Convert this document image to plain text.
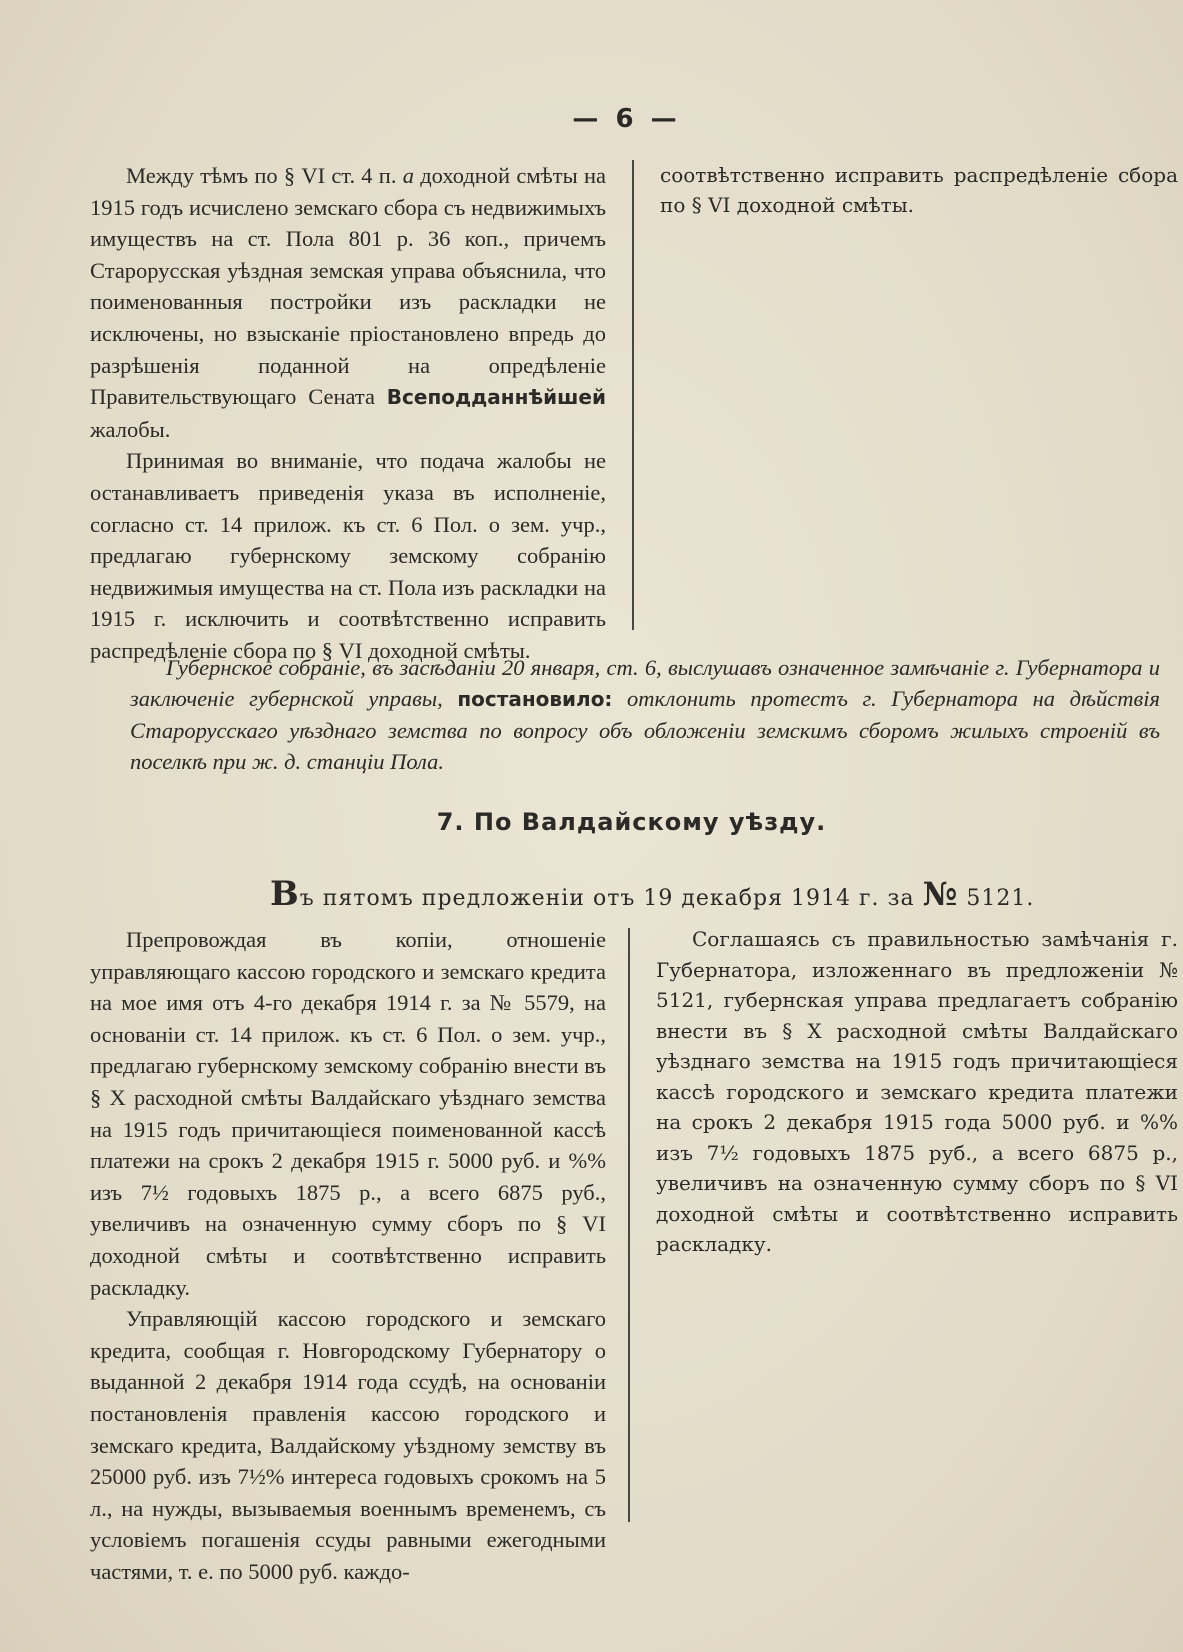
— 6 —

Между тѣмъ по § VI ст. 4 п. а доходной смѣты на 1915 годъ исчислено земскаго сбора съ недвижимыхъ имуществъ на ст. Пола 801 р. 36 коп., причемъ Старорусская уѣздная земская управа объяснила, что поименованныя постройки изъ раскладки не исключены, но взысканіе пріостановлено впредь до разрѣшенія поданной на опредѣленіе Правительствующаго Сената Всеподданнѣйшей жалобы.

Принимая во вниманіе, что подача жалобы не останавливаетъ приведенія указа въ исполненіе, согласно ст. 14 прилож. къ ст. 6 Пол. о зем. учр., предлагаю губернскому земскому собранію недвижимыя имущества на ст. Пола изъ раскладки на 1915 г. исключить и соотвѣтственно исправить распредѣленіе сбора по § VI доходной смѣты.

соотвѣтственно исправить распредѣленіе сбора по § VI доходной смѣты.

Губернское собраніе, въ засѣданіи 20 января, ст. 6, выслушавъ означенное замѣчаніе г. Губернатора и заключеніе губернской управы, постановило: отклонить протестъ г. Губернатора на дѣйствія Старорусскаго уѣзднаго земства по вопросу объ обложеніи земскимъ сборомъ жилыхъ строеній въ поселкѣ при ж. д. станціи Пола.
7. По Валдайскому уѣзду.
Въ пятомъ предложеніи отъ 19 декабря 1914 г. за № 5121.

Препровождая въ копіи, отношеніе управляющаго кассою городского и земскаго кредита на мое имя отъ 4-го декабря 1914 г. за № 5579, на основаніи ст. 14 прилож. къ ст. 6 Пол. о зем. учр., предлагаю губернскому земскому собранію внести въ § X расходной смѣты Валдайскаго уѣзднаго земства на 1915 годъ причитающіеся поименованной кассѣ платежи на срокъ 2 декабря 1915 г. 5000 руб. и %% изъ 7½ годовыхъ 1875 р., а всего 6875 руб., увеличивъ на означенную сумму сборъ по § VI доходной смѣты и соотвѣтственно исправить раскладку.

Управляющій кассою городского и земскаго кредита, сообщая г. Новгородскому Губернатору о выданной 2 декабря 1914 года ссудѣ, на основаніи постановленія правленія кассою городского и земскаго кредита, Валдайскому уѣздному земству въ 25000 руб. изъ 7½% интереса годовыхъ срокомъ на 5 л., на нужды, вызываемыя военнымъ временемъ, съ условіемъ погашенія ссуды равными ежегодными частями, т. е. по 5000 руб. каждо-

Соглашаясь съ правильностью замѣчанія г. Губернатора, изложеннаго въ предложеніи № 5121, губернская управа предлагаетъ собранію внести въ § X расходной смѣты Валдайскаго уѣзднаго земства на 1915 годъ причитающіеся кассѣ городского и земскаго кредита платежи на срокъ 2 декабря 1915 года 5000 руб. и %% изъ 7½ годовыхъ 1875 руб., а всего 6875 р., увеличивъ на означенную сумму сборъ по § VI доходной смѣты и соотвѣтственно исправить раскладку.
